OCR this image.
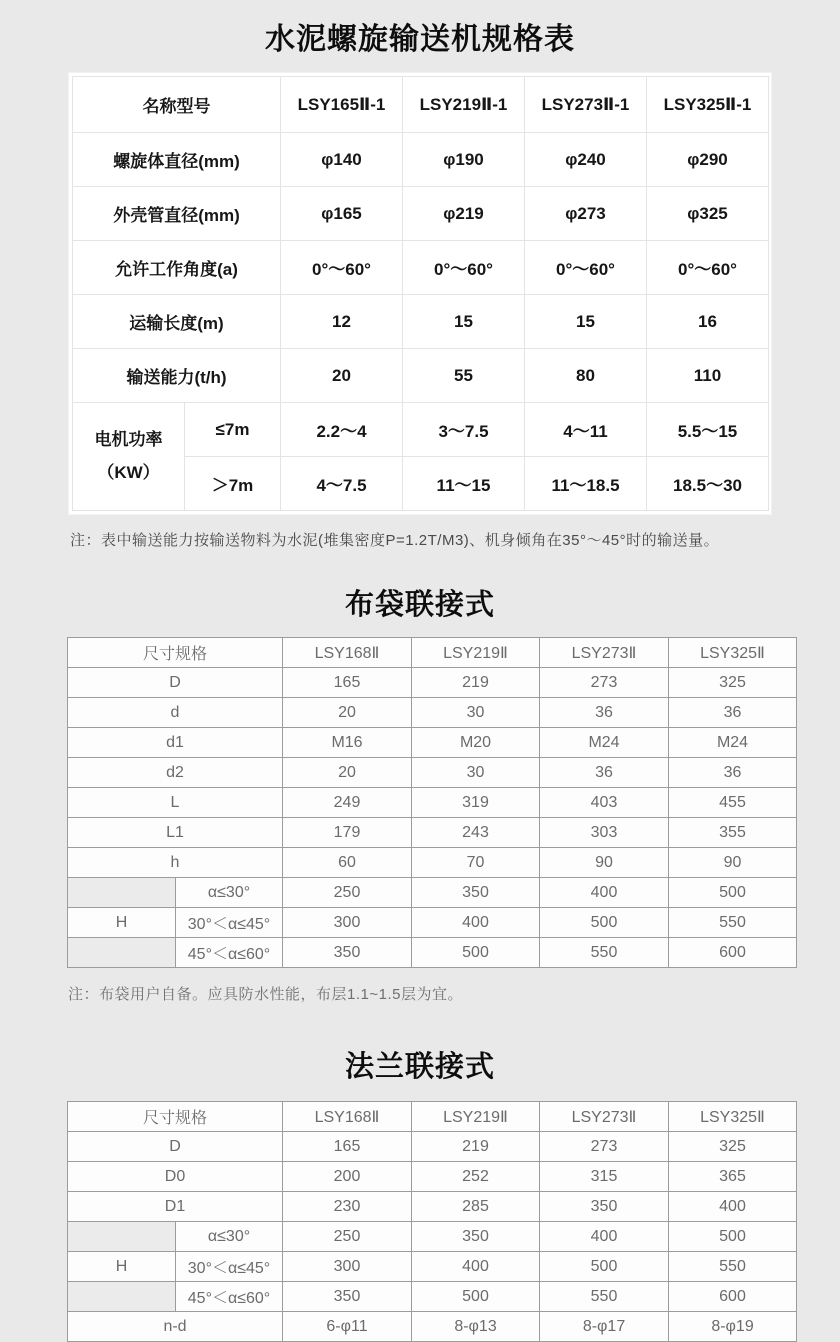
水泥螺旋输送机规格表
名称型号		LSY165Ⅱ-1	LSY219Ⅱ-1	LSY273Ⅱ-1	LSY325Ⅱ-1
螺旋体直径(mm)		φ140	φ190	φ240	φ290
外壳管直径(mm)		φ165	φ219	φ273	φ325
允许工作角度(a)		0°～60°	0°～60°	0°～60°	0°～60°
运输长度(m)		12	15	15	16
输送能力(t/h)		20	55	80	110

电机功率
（KW）	≤7m	2.2～4	3～7.5	4～11	5.5～15
	＞7m	4～7.5	11～15	11～18.5	18.5～30
注：表中输送能力按输送物料为水泥(堆集密度P=1.2T/M3)、机身倾角在35°～45°时的输送量。
布袋联接式
尺寸规格		LSY168Ⅱ	LSY219Ⅱ	LSY273Ⅱ	LSY325Ⅱ
D		165	219	273	325
d		20	30	36	36
d1		M16	M20	M24	M24
d2		20	30	36	36
L		249	319	403	455
L1		179	243	303	355
h		60	70	90	90
	α≤30°	250	350	400	500
H	30°＜α≤45°	300	400	500	550
	45°＜α≤60°	350	500	550	600
注：布袋用户自备。应具防水性能，布层1.1~1.5层为宜。
法兰联接式
尺寸规格		LSY168Ⅱ	LSY219Ⅱ	LSY273Ⅱ	LSY325Ⅱ
D		165	219	273	325
D0		200	252	315	365
D1		230	285	350	400
	α≤30°	250	350	400	500
H	30°＜α≤45°	300	400	500	550
	45°＜α≤60°	350	500	550	600
n-d		6-φ11	8-φ13	8-φ17	8-φ19
